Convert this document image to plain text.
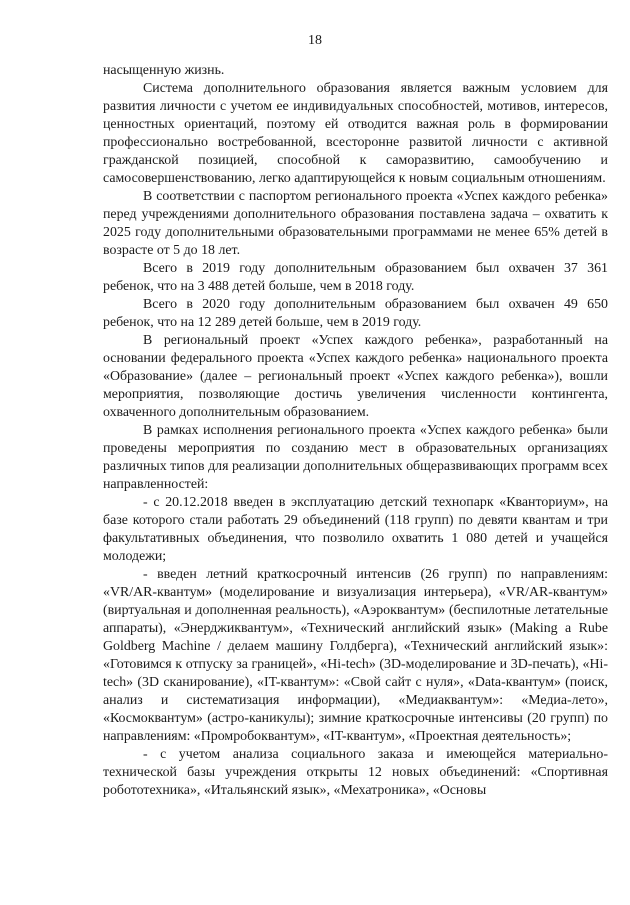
18

насыщенную жизнь.

Система дополнительного образования является важным условием для развития личности с учетом ее индивидуальных способностей, мотивов, интересов, ценностных ориентаций, поэтому ей отводится важная роль в формировании профессионально востребованной, всесторонне развитой личности с активной гражданской позицией, способной к саморазвитию, самообучению и самосовершенствованию, легко адаптирующейся к новым социальным отношениям.

В соответствии с паспортом регионального проекта «Успех каждого ребенка» перед учреждениями дополнительного образования поставлена задача – охватить к 2025 году дополнительными образовательными программами не менее 65% детей в возрасте от 5 до 18 лет.

Всего в 2019 году дополнительным образованием был охвачен 37 361 ребенок, что на 3 488 детей больше, чем в 2018 году.

Всего в 2020 году дополнительным образованием был охвачен 49 650 ребенок, что на 12 289 детей больше, чем в 2019 году.

В региональный проект «Успех каждого ребенка», разработанный на основании федерального проекта «Успех каждого ребенка» национального проекта «Образование» (далее – региональный проект «Успех каждого ребенка»), вошли мероприятия, позволяющие достичь увеличения численности контингента, охваченного дополнительным образованием.

В рамках исполнения регионального проекта «Успех каждого ребенка» были проведены мероприятия по созданию мест в образовательных организациях различных типов для реализации дополнительных общеразвивающих программ всех направленностей:

- с 20.12.2018 введен в эксплуатацию детский технопарк «Кванториум», на базе которого стали работать 29 объединений (118 групп) по девяти квантам и три факультативных объединения, что позволило охватить 1 080 детей и учащейся молодежи;

- введен летний краткосрочный интенсив (26 групп) по направлениям: «VR/AR-квантум» (моделирование и визуализация интерьера), «VR/AR-квантум» (виртуальная и дополненная реальность), «Аэроквантум» (беспилотные летательные аппараты), «Энерджиквантум», «Технический английский язык» (Making a Rube Goldberg Machine / делаем машину Голдберга), «Технический английский язык»: «Готовимся к отпуску за границей», «Hi-tech» (3D-моделирование и 3D-печать), «Hi-tech» (3D сканирование), «IT-квантум»: «Свой сайт с нуля», «Data-квантум» (поиск, анализ и систематизация информации), «Медиаквантум»: «Медиа-лето», «Космоквантум» (астро-каникулы); зимние краткосрочные интенсивы (20 групп) по направлениям: «Промробоквантум», «IT-квантум», «Проектная деятельность»;

- с учетом анализа социального заказа и имеющейся материально-технической базы учреждения открыты 12 новых объединений: «Спортивная робототехника», «Итальянский язык», «Мехатроника», «Основы
